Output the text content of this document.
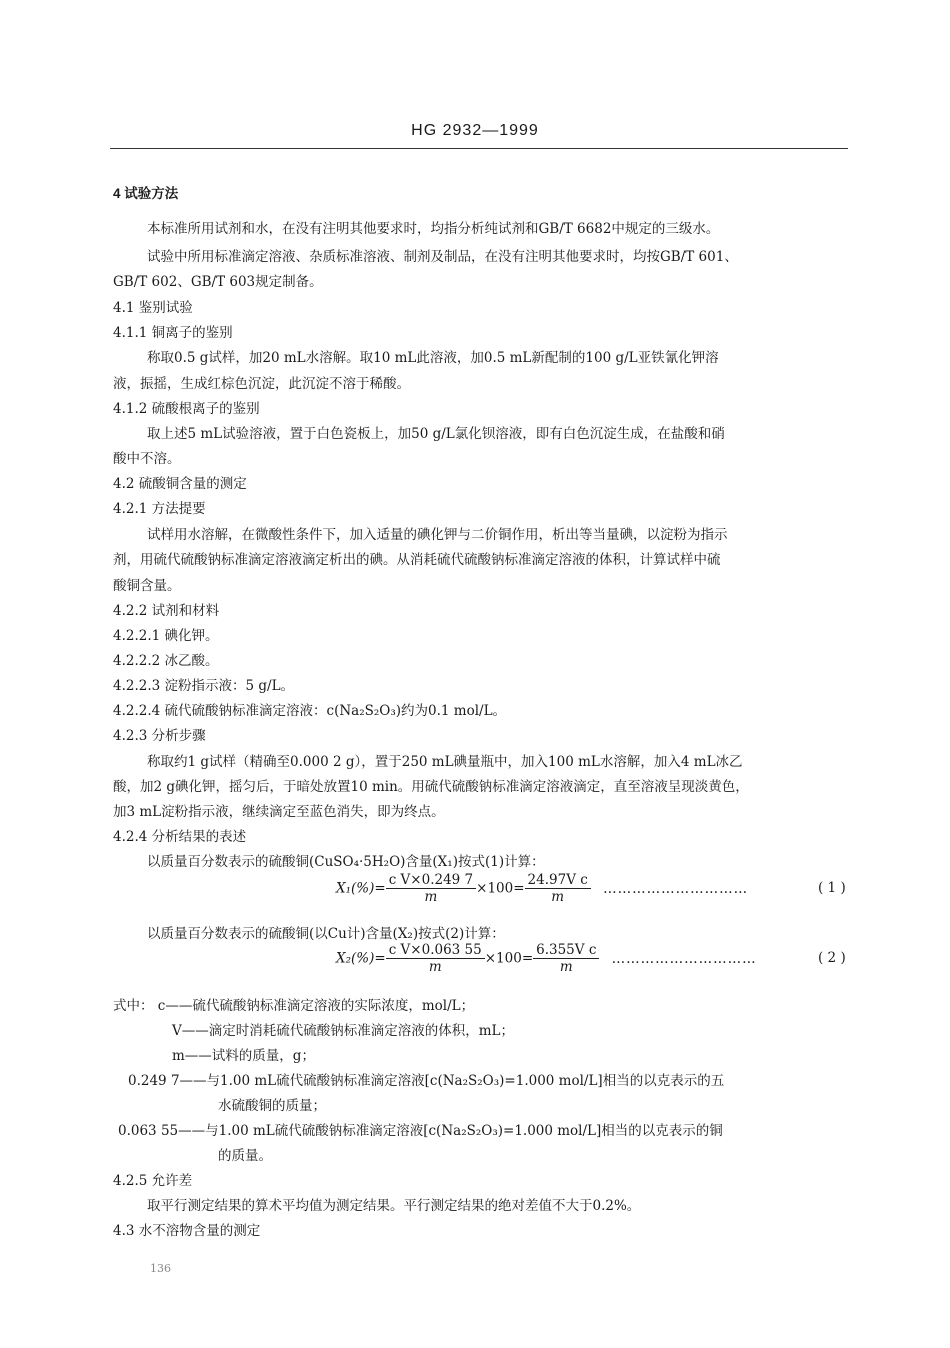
HG 2932—1999
4 试验方法
本标准所用试剂和水，在没有注明其他要求时，均指分析纯试剂和GB/T 6682中规定的三级水。
试验中所用标准滴定溶液、杂质标准溶液、制剂及制品，在没有注明其他要求时，均按GB/T 601、
GB/T 602、GB/T 603规定制备。
4.1 鉴别试验
4.1.1 铜离子的鉴别
称取0.5 g试样，加20 mL水溶解。取10 mL此溶液，加0.5 mL新配制的100 g/L亚铁氰化钾溶
液，振摇，生成红棕色沉淀，此沉淀不溶于稀酸。
4.1.2 硫酸根离子的鉴别
取上述5 mL试验溶液，置于白色瓷板上，加50 g/L氯化钡溶液，即有白色沉淀生成，在盐酸和硝
酸中不溶。
4.2 硫酸铜含量的测定
4.2.1 方法提要
试样用水溶解，在微酸性条件下，加入适量的碘化钾与二价铜作用，析出等当量碘，以淀粉为指示
剂，用硫代硫酸钠标准滴定溶液滴定析出的碘。从消耗硫代硫酸钠标准滴定溶液的体积，计算试样中硫
酸铜含量。
4.2.2 试剂和材料
4.2.2.1 碘化钾。
4.2.2.2 冰乙酸。
4.2.2.3 淀粉指示液：5 g/L。
4.2.2.4 硫代硫酸钠标准滴定溶液：c(Na₂S₂O₃)约为0.1 mol/L。
4.2.3 分析步骤
称取约1 g试样（精确至0.000 2 g），置于250 mL碘量瓶中，加入100 mL水溶解，加入4 mL冰乙
酸，加2 g碘化钾，摇匀后，于暗处放置10 min。用硫代硫酸钠标准滴定溶液滴定，直至溶液呈现淡黄色，
加3 mL淀粉指示液，继续滴定至蓝色消失，即为终点。
4.2.4 分析结果的表述
以质量百分数表示的硫酸铜(CuSO₄·5H₂O)含量(X₁)按式(1)计算：
$X_1(\%)= \frac{\text{c V×0.249 7}}{m} \times 100= \frac{\text{24.97V c}}{m}$ …………………………	( 1 )
以质量百分数表示的硫酸铜(以Cu计)含量(X₂)按式(2)计算：
$X_2(\%)= \frac{\text{c V×0.063 55}}{m} \times 100= \frac{\text{6.355V c}}{m}$ …………………………	( 2 )
式中： c——硫代硫酸钠标准滴定溶液的实际浓度，mol/L；
V——滴定时消耗硫代硫酸钠标准滴定溶液的体积，mL；
m——试料的质量，g；
0.249 7——与1.00 mL硫代硫酸钠标准滴定溶液[c(Na₂S₂O₃)=1.000 mol/L]相当的以克表示的五
水硫酸铜的质量；
0.063 55——与1.00 mL硫代硫酸钠标准滴定溶液[c(Na₂S₂O₃)=1.000 mol/L]相当的以克表示的铜
的质量。
4.2.5 允许差
取平行测定结果的算术平均值为测定结果。平行测定结果的绝对差值不大于0.2%。
4.3 水不溶物含量的测定
136
